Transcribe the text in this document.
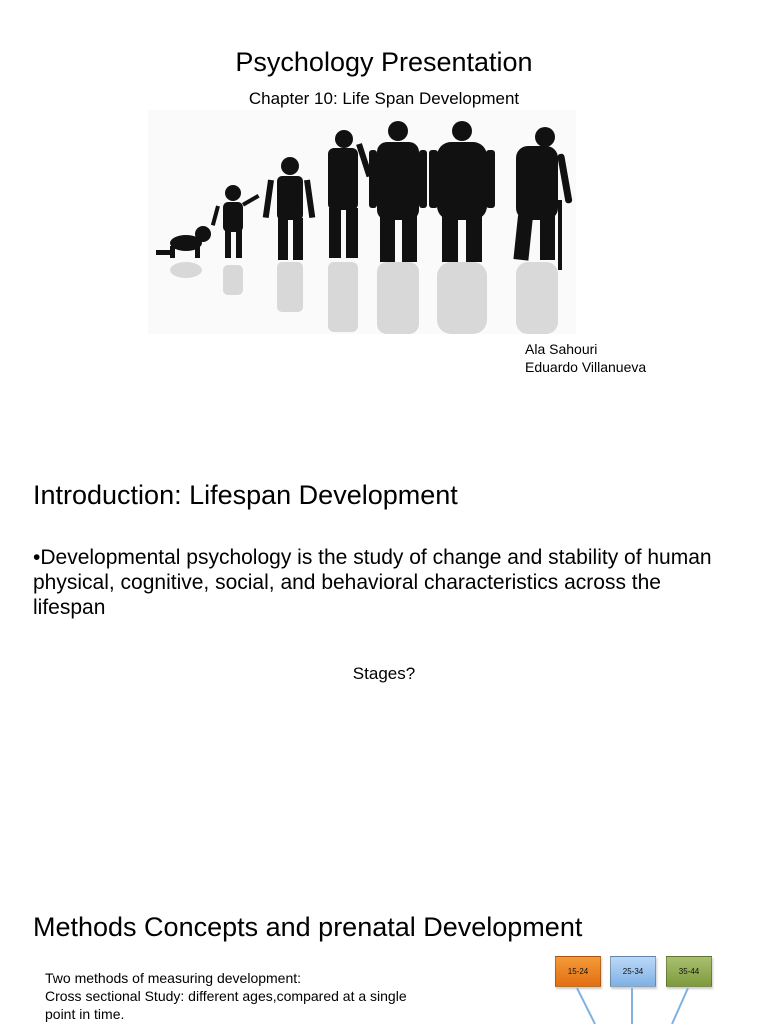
Psychology Presentation
Chapter 10: Life Span Development
Ala Sahouri
Eduardo Villanueva
Introduction: Lifespan Development
•Developmental psychology is the study of change and stability of human physical, cognitive, social, and behavioral characteristics across the lifespan
Stages?
Methods Concepts and prenatal Development
Two methods of measuring development:
Cross sectional Study: different ages,compared at a single
point in time.
15-24	25-34	35-44
